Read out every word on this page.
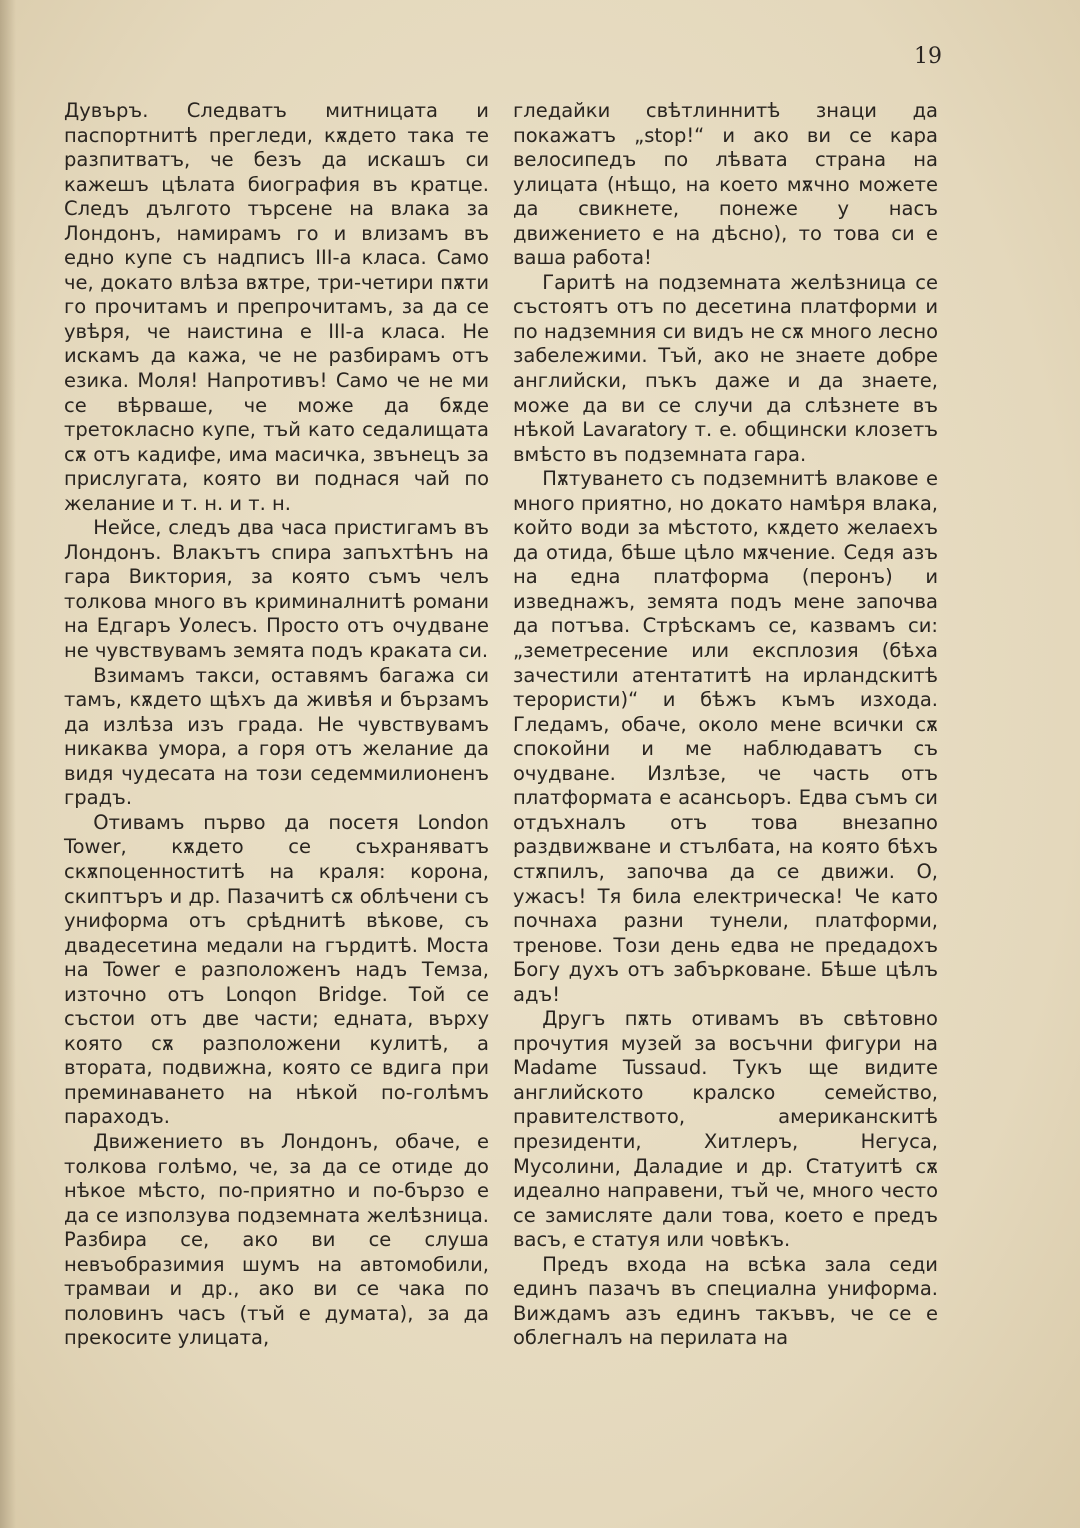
19

Дувъръ. Следватъ митницата и паспортнитѣ прегледи, кѫдето така те разпитватъ, че безъ да искашъ си кажешъ цѣлата биография въ кратце. Следъ дългото търсене на влака за Лондонъ, намирамъ го и влизамъ въ едно купе съ надписъ III-а класа. Само че, докато влѣза вѫтре, три-четири пѫти го прочитамъ и препрочитамъ, за да се увѣря, че наистина е III-а класа. Не искамъ да кажа, че не разбирамъ отъ езика. Моля! Напротивъ! Само че не ми се вѣрваше, че може да бѫде третокласно купе, тъй като седалищата сѫ отъ кадифе, има масичка, звънецъ за прислугата, която ви поднася чай по желание и т. н. и т. н.

Нейсе, следъ два часа пристигамъ въ Лондонъ. Влакътъ спира запъхтѣнъ на гара Виктория, за която съмъ челъ толкова много въ криминалнитѣ романи на Едгаръ Уолесъ. Просто отъ очудване не чувствувамъ земята подъ краката си.

Взимамъ такси, оставямъ багажа си тамъ, кѫдето щѣхъ да живѣя и бързамъ да излѣза изъ града. Не чувствувамъ никаква умора, а горя отъ желание да видя чудесата на този седеммилионенъ градъ.

Отивамъ първо да посетя London Tower, кѫдето се съхраняватъ скѫпоценноститѣ на краля: корона, скиптъръ и др. Пазачитѣ сѫ облѣчени съ униформа отъ срѣднитѣ вѣкове, съ двадесетина медали на гърдитѣ. Моста на Tower е разположенъ надъ Темза, източно отъ Lonqon Bridge. Той се състои отъ две части; едната, върху която сѫ разположени кулитѣ, а втората, подвижна, която се вдига при преминаването на нѣкой по-голѣмъ параходъ.

Движението въ Лондонъ, обаче, е толкова голѣмо, че, за да се отиде до нѣкое мѣсто, по-приятно и по-бързо е да се използува подземната желѣзница. Разбира се, ако ви се слуша невъобразимия шумъ на автомобили, трамваи и др., ако ви се чака по половинъ часъ (тъй е думата), за да прекосите улицата,

гледайки свѣтлиннитѣ знаци да покажатъ „stop!“ и ако ви се кара велосипедъ по лѣвата страна на улицата (нѣщо, на което мѫчно можете да свикнете, понеже у насъ движението е на дѣсно), то това си е ваша работа!

Гаритѣ на подземната желѣзница се състоятъ отъ по десетина платформи и по надземния си видъ не сѫ много лесно забележими. Тъй, ако не знаете добре английски, пъкъ даже и да знаете, може да ви се случи да слѣзнете въ нѣкой Lavaratory т. е. общински клозетъ вмѣсто въ подземната гара.

Пѫтуването съ подземнитѣ влакове е много приятно, но докато намѣря влака, който води за мѣстото, кѫдето желаехъ да отида, бѣше цѣло мѫчение. Седя азъ на една платформа (перонъ) и изведнажъ, земята подъ мене започва да потъва. Стрѣскамъ се, казвамъ си: „земетресение или експлозия (бѣха зачестили атентатитѣ на ирландскитѣ терористи)“ и бѣжъ къмъ изхода. Гледамъ, обаче, около мене всички сѫ спокойни и ме наблюдаватъ съ очудване. Излѣзе, че часть отъ платформата е асансьоръ. Едва съмъ си отдъхналъ отъ това внезапно раздвижване и стълбата, на която бѣхъ стѫпилъ, започва да се движи. О, ужасъ! Тя била електрическа! Че като почнаха разни тунели, платформи, тренове. Този день едва не предадохъ Богу духъ отъ забърковане. Бѣше цѣлъ адъ!

Другъ пѫть отивамъ въ свѣтовно прочутия музей за восъчни фигури на Madame Tussaud. Тукъ ще видите английското кралско семейство, правителството, американскитѣ президенти, Хитлеръ, Негуса, Мусолини, Даладие и др. Статуитѣ сѫ идеално направени, тъй че, много често се замисляте дали това, което е предъ васъ, е статуя или човѣкъ.

Предъ входа на всѣка зала седи единъ пазачъ въ специална униформа. Виждамъ азъ единъ такъвъ, че се е облегналъ на перилата на
